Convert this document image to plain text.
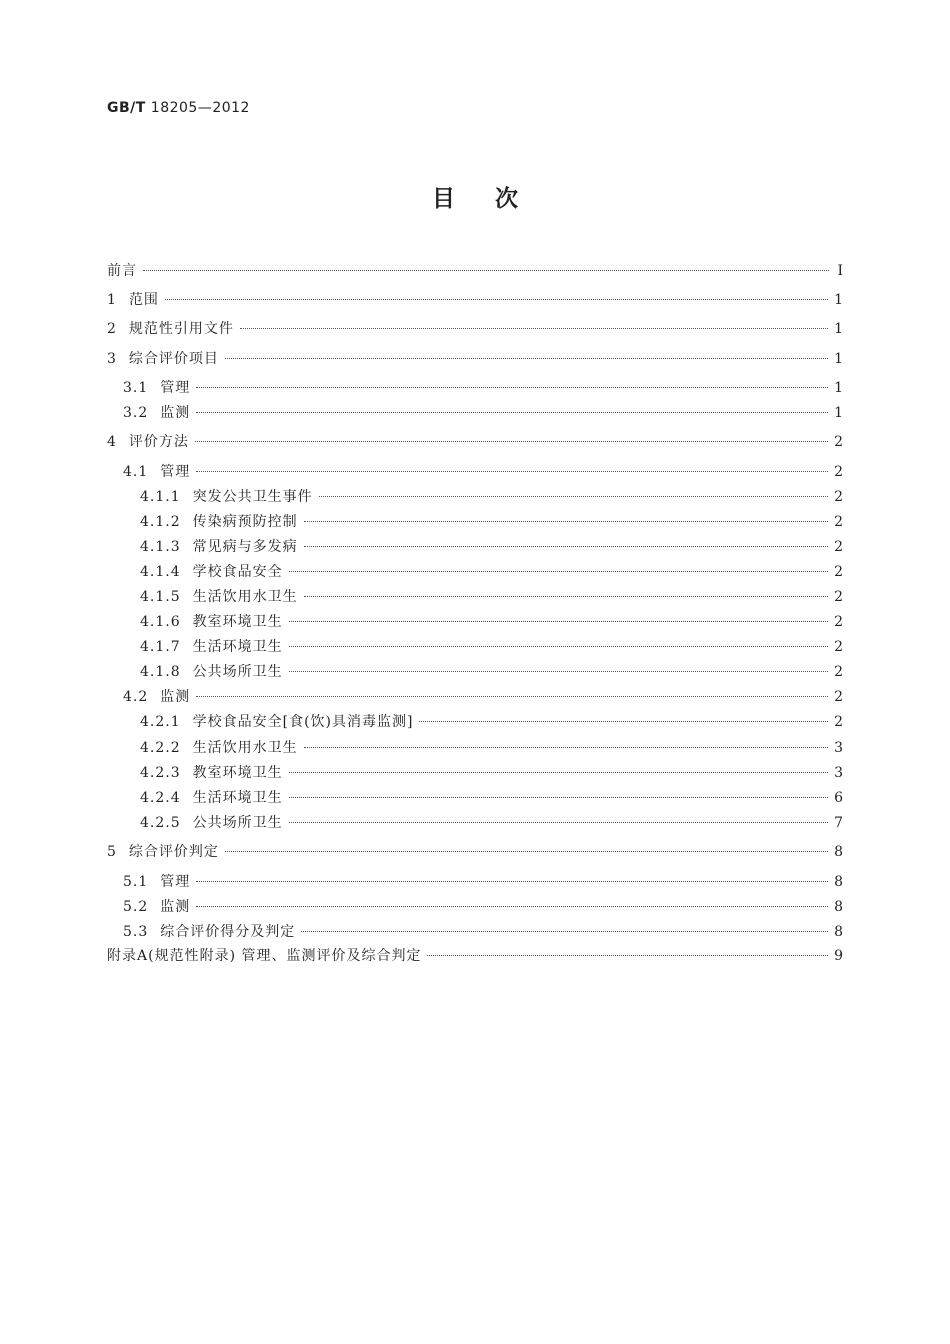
GB/T 18205—2012
目次
前言	Ⅰ
1 范围	1
2 规范性引用文件	1
3 综合评价项目	1
3.1 管理	1
3.2 监测	1
4 评价方法	2
4.1 管理	2
4.1.1 突发公共卫生事件	2
4.1.2 传染病预防控制	2
4.1.3 常见病与多发病	2
4.1.4 学校食品安全	2
4.1.5 生活饮用水卫生	2
4.1.6 教室环境卫生	2
4.1.7 生活环境卫生	2
4.1.8 公共场所卫生	2
4.2 监测	2
4.2.1 学校食品安全[食(饮)具消毒监测]	2
4.2.2 生活饮用水卫生	3
4.2.3 教室环境卫生	3
4.2.4 生活环境卫生	6
4.2.5 公共场所卫生	7
5 综合评价判定	8
5.1 管理	8
5.2 监测	8
5.3 综合评价得分及判定	8
附录A(规范性附录) 管理、监测评价及综合判定	9
